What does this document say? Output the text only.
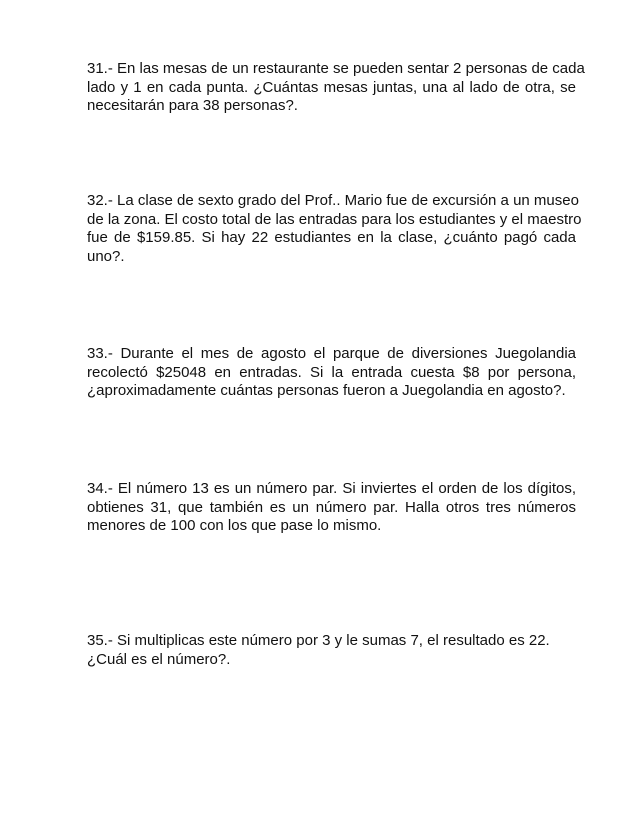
31.- En las mesas de un restaurante se pueden sentar 2 personas de cada
lado y 1 en cada punta. ¿Cuántas mesas juntas, una al lado de otra, se
necesitarán para 38 personas?.
32.- La clase de sexto grado del Prof.. Mario fue de excursión a un museo
de la zona. El costo total de las entradas para los estudiantes y el maestro
fue de $159.85. Si hay 22 estudiantes en la clase, ¿cuánto pagó cada
uno?.
33.- Durante el mes de agosto el parque de diversiones Juegolandia
recolectó $25048 en entradas. Si la entrada cuesta $8 por persona,
¿aproximadamente cuántas personas fueron a Juegolandia en agosto?.
34.- El número 13 es un número par. Si inviertes el orden de los dígitos,
obtienes 31, que también es un número par. Halla otros tres números
menores de 100 con los que pase lo mismo.
35.- Si multiplicas este número por 3 y le sumas 7, el resultado es 22.
¿Cuál es el número?.
